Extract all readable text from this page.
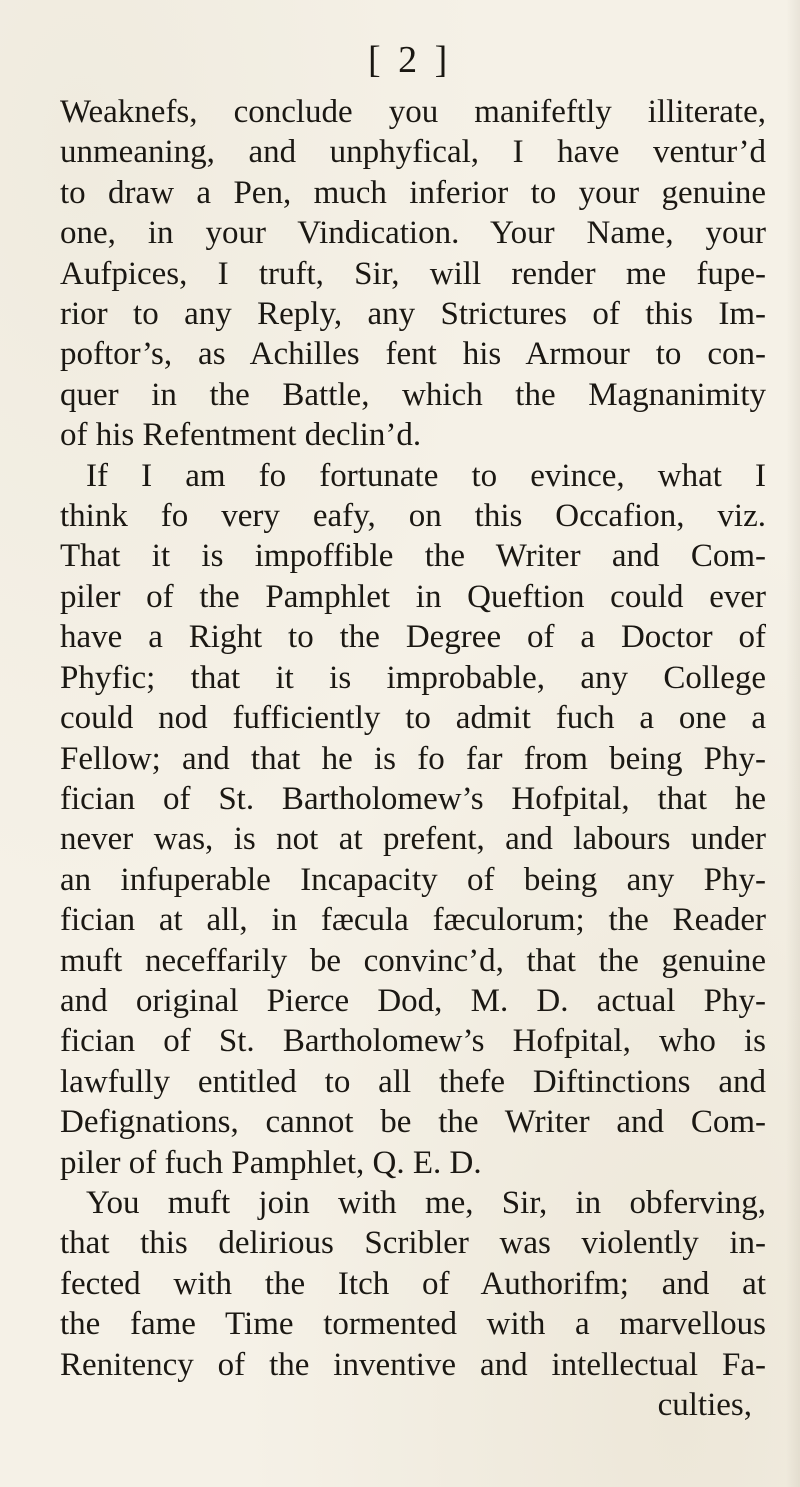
[ 2 ]
Weaknefs, conclude you manifeftly illiterate,
unmeaning, and unphyfical, I have ventur’d
to draw a Pen, much inferior to your genuine
one, in your Vindication. Your Name, your
Aufpices, I truft, Sir, will render me fupe-
rior to any Reply, any Strictures of this Im-
poftor’s, as Achilles fent his Armour to con-
quer in the Battle, which the Magnanimity
of his Refentment declin’d.
If I am fo fortunate to evince, what I
think fo very eafy, on this Occafion, viz.
That it is impoffible the Writer and Com-
piler of the Pamphlet in Queftion could ever
have a Right to the Degree of a Doctor of
Phyfic; that it is improbable, any College
could nod fufficiently to admit fuch a one a
Fellow; and that he is fo far from being Phy-
fician of St. Bartholomew’s Hofpital, that he
never was, is not at prefent, and labours under
an infuperable Incapacity of being any Phy-
fician at all, in fæcula fæculorum; the Reader
muft neceffarily be convinc’d, that the genuine
and original Pierce Dod, M. D. actual Phy-
fician of St. Bartholomew’s Hofpital, who is
lawfully entitled to all thefe Diftinctions and
Defignations, cannot be the Writer and Com-
piler of fuch Pamphlet, Q. E. D.
You muft join with me, Sir, in obferving,
that this delirious Scribler was violently in-
fected with the Itch of Authorifm; and at
the fame Time tormented with a marvellous
Renitency of the inventive and intellectual Fa-
culties,
